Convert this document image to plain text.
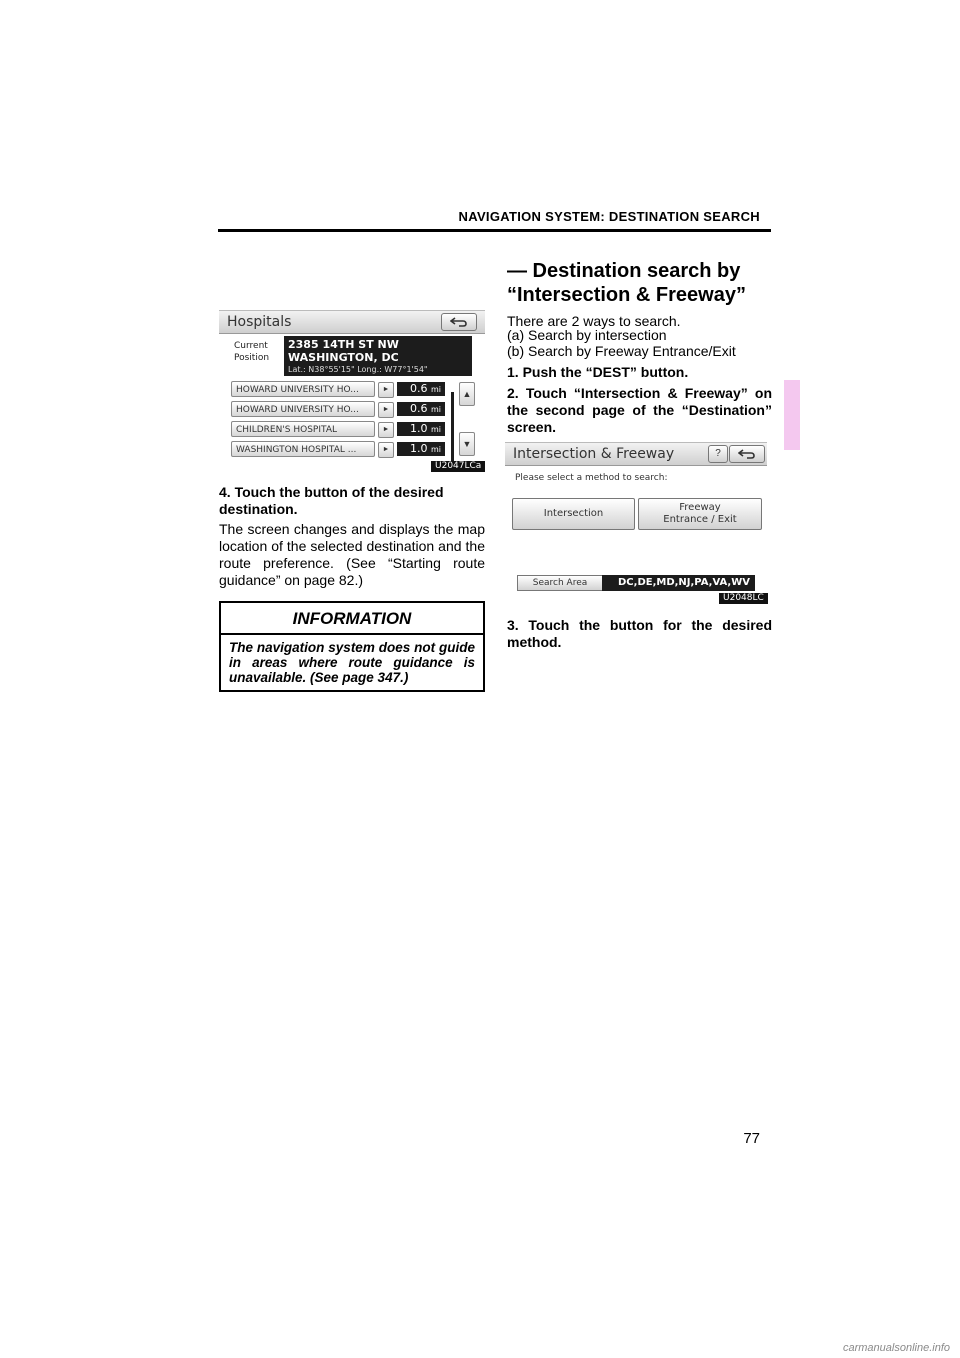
NAVIGATION SYSTEM: DESTINATION SEARCH
Hospitals
Current
Position
2385 14TH ST NW
WASHINGTON, DC
Lat.: N38°55'15" Long.: W77°1'54"
HOWARD UNIVERSITY HO...	►	0.6 mi
HOWARD UNIVERSITY HO...	►	0.6 mi
CHILDREN'S HOSPITAL	►	1.0 mi
WASHINGTON HOSPITAL ...	►	1.0 mi
▲
▼
U2047LCa
4. Touch the button of the desired destination.
The screen changes and displays the map location of the selected destination and the route preference. (See “Starting route guidance” on page 82.)
INFORMATION
The navigation system does not guide in areas where route guidance is unavailable. (See page 347.)
— Destination search by
“Intersection & Freeway”
There are 2 ways to search.
(a) Search by intersection
(b) Search by Freeway Entrance/Exit
1. Push the “DEST” button.
2. Touch “Intersection & Freeway” on the second page of the “Destination” screen.
Intersection & Freeway	?
Please select a method to search:
Intersection
Freeway
Entrance / Exit
Search Area	DC,DE,MD,NJ,PA,VA,WV
U2048LC
3. Touch the button for the desired method.
77
carmanualsonline.info
